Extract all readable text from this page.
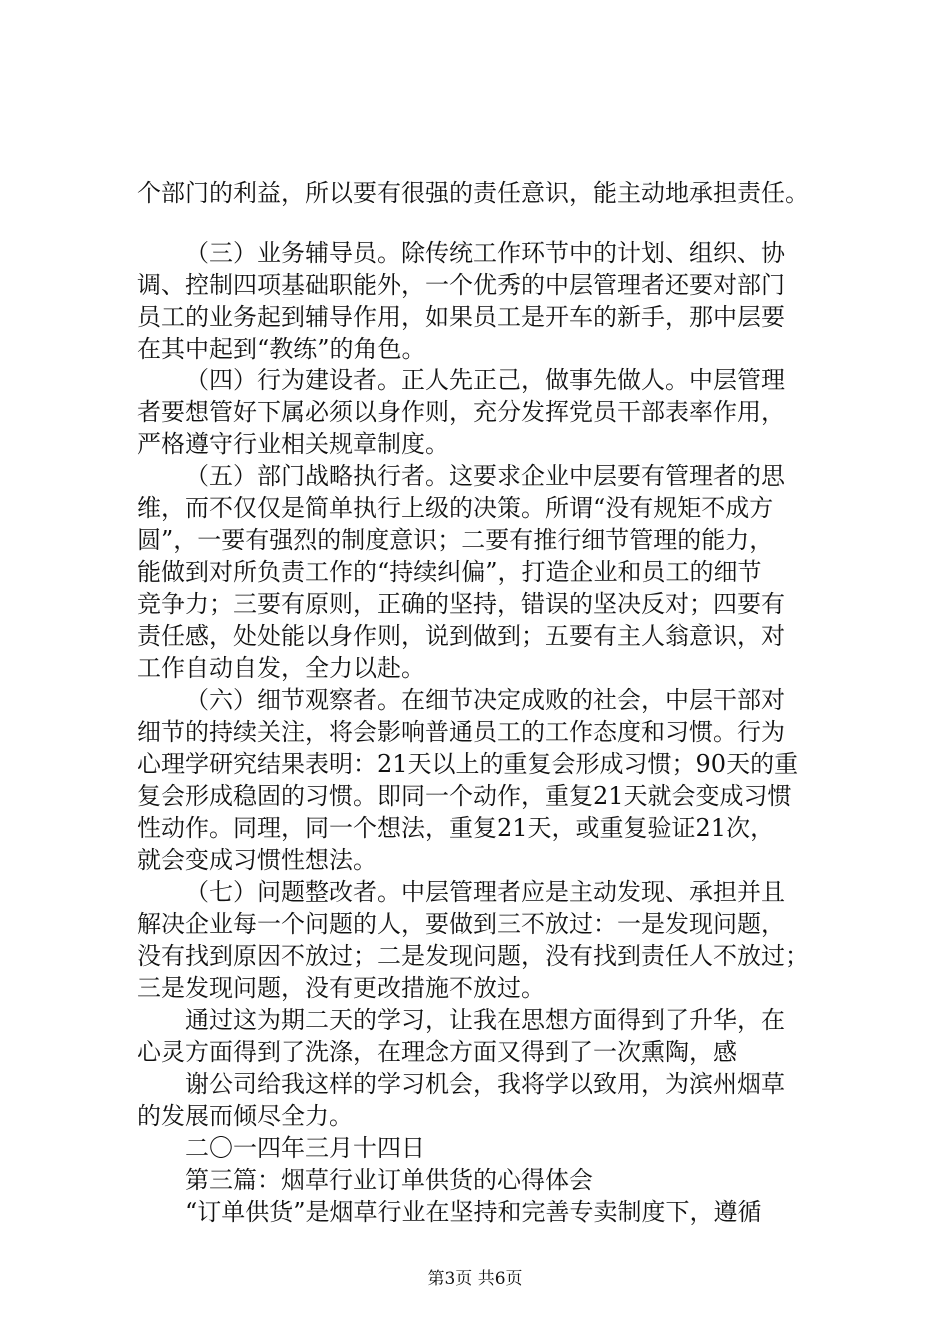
个部门的利益，所以要有很强的责任意识，能主动地承担责任。
（三）业务辅导员。除传统工作环节中的计划、组织、协
调、控制四项基础职能外，一个优秀的中层管理者还要对部门
员工的业务起到辅导作用，如果员工是开车的新手，那中层要
在其中起到“教练”的角色。
（四）行为建设者。正人先正己，做事先做人。中层管理
者要想管好下属必须以身作则，充分发挥党员干部表率作用，
严格遵守行业相关规章制度。
（五）部门战略执行者。这要求企业中层要有管理者的思
维，而不仅仅是简单执行上级的决策。所谓“没有规矩不成方
圆”，一要有强烈的制度意识；二要有推行细节管理的能力，
能做到对所负责工作的“持续纠偏”，打造企业和员工的细节
竞争力；三要有原则，正确的坚持，错误的坚决反对；四要有
责任感，处处能以身作则，说到做到；五要有主人翁意识，对
工作自动自发，全力以赴。
（六）细节观察者。在细节决定成败的社会，中层干部对
细节的持续关注，将会影响普通员工的工作态度和习惯。行为
心理学研究结果表明：21天以上的重复会形成习惯；90天的重
复会形成稳固的习惯。即同一个动作，重复21天就会变成习惯
性动作。同理，同一个想法，重复21天，或重复验证21次，
就会变成习惯性想法。
（七）问题整改者。中层管理者应是主动发现、承担并且
解决企业每一个问题的人，要做到三不放过：一是发现问题，
没有找到原因不放过；二是发现问题，没有找到责任人不放过；
三是发现问题，没有更改措施不放过。
通过这为期二天的学习，让我在思想方面得到了升华，在
心灵方面得到了洗涤，在理念方面又得到了一次熏陶，感
谢公司给我这样的学习机会，我将学以致用，为滨州烟草
的发展而倾尽全力。
二〇一四年三月十四日
第三篇：烟草行业订单供货的心得体会
“订单供货”是烟草行业在坚持和完善专卖制度下，遵循
第3页 共6页
